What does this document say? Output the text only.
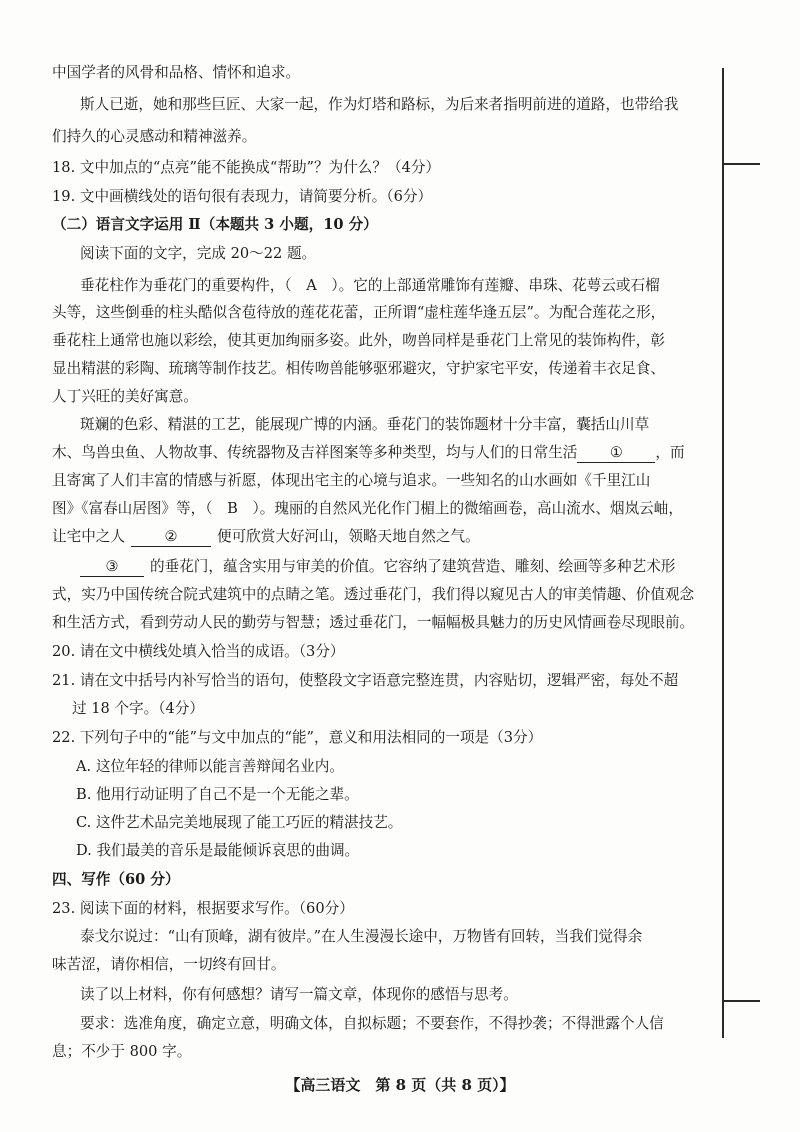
中国学者的风骨和品格、情怀和追求。
斯人已逝，她和那些巨匠、大家一起，作为灯塔和路标，为后来者指明前进的道路，也带给我
们持久的心灵感动和精神滋养。
18. 文中加点的“点亮”能不能换成“帮助”？为什么？（4分）
19. 文中画横线处的语句很有表现力，请简要分析。（6分）
（二）语言文字运用 Ⅱ（本题共 3 小题，10 分）
阅读下面的文字，完成 20～22 题。
垂花柱作为垂花门的重要构件，（　A　）。它的上部通常雕饰有莲瓣、串珠、花萼云或石榴
头等，这些倒垂的柱头酷似含苞待放的莲花花蕾，正所谓“虚柱莲华逢五层”。为配合莲花之形，
垂花柱上通常也施以彩绘，使其更加绚丽多姿。此外，吻兽同样是垂花门上常见的装饰构件，彰
显出精湛的彩陶、琉璃等制作技艺。相传吻兽能够驱邪避灾，守护家宅平安，传递着丰衣足食、
人丁兴旺的美好寓意。
斑斓的色彩、精湛的工艺，能展现广博的内涵。垂花门的装饰题材十分丰富，囊括山川草
木、鸟兽虫鱼、人物故事、传统器物及吉祥图案等多种类型，均与人们的日常生活 ① ，而
且寄寓了人们丰富的情感与祈愿，体现出宅主的心境与追求。一些知名的山水画如《千里江山
图》《富春山居图》等，（　B　）。瑰丽的自然风光化作门楣上的微缩画卷，高山流水、烟岚云岫，
让宅中之人	②	便可欣赏大好河山，领略天地自然之气。
③ 的垂花门，蕴含实用与审美的价值。它容纳了建筑营造、雕刻、绘画等多种艺术形
式，实乃中国传统合院式建筑中的点睛之笔。透过垂花门，我们得以窥见古人的审美情趣、价值观念
和生活方式，看到劳动人民的勤劳与智慧；透过垂花门，一幅幅极具魅力的历史风情画卷尽现眼前。
20. 请在文中横线处填入恰当的成语。（3分）
21. 请在文中括号内补写恰当的语句，使整段文字语意完整连贯，内容贴切，逻辑严密，每处不超
过 18 个字。（4分）
22. 下列句子中的“能”与文中加点的“能”，意义和用法相同的一项是（3分）
A. 这位年轻的律师以能言善辩闻名业内。
B. 他用行动证明了自己不是一个无能之辈。
C. 这件艺术品完美地展现了能工巧匠的精湛技艺。
D. 我们最美的音乐是最能倾诉哀思的曲调。
四、写作（60 分）
23. 阅读下面的材料，根据要求写作。（60分）
泰戈尔说过：“山有顶峰，湖有彼岸。”在人生漫漫长途中，万物皆有回转，当我们觉得余
味苦涩，请你相信，一切终有回甘。
读了以上材料，你有何感想？请写一篇文章，体现你的感悟与思考。
要求：选准角度，确定立意，明确文体，自拟标题；不要套作，不得抄袭；不得泄露个人信
息；不少于 800 字。
【高三语文　第 8 页（共 8 页）】
